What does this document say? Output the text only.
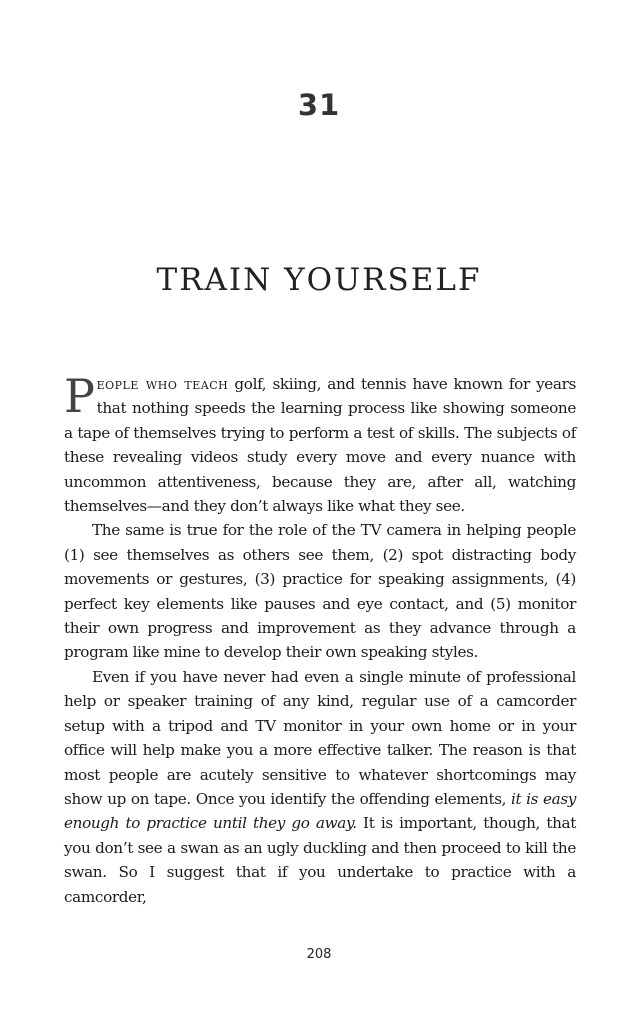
31
TRAIN YOURSELF

People who teach golf, skiing, and tennis have known for years that nothing speeds the learning process like showing someone a tape of themselves trying to perform a test of skills. The subjects of these revealing videos study every move and every nuance with uncommon attentiveness, because they are, after all, watching themselves—and they don’t always like what they see.

The same is true for the role of the TV camera in helping people (1) see themselves as others see them, (2) spot distracting body movements or gestures, (3) practice for speaking assignments, (4) perfect key elements like pauses and eye contact, and (5) monitor their own progress and improvement as they advance through a program like mine to develop their own speaking styles.

Even if you have never had even a single minute of professional help or speaker training of any kind, regular use of a camcorder setup with a tripod and TV monitor in your own home or in your office will help make you a more effective talker. The reason is that most people are acutely sensitive to whatever shortcomings may show up on tape. Once you identify the offending elements, it is easy enough to practice until they go away. It is important, though, that you don’t see a swan as an ugly duckling and then proceed to kill the swan. So I suggest that if you undertake to practice with a camcorder,

208
